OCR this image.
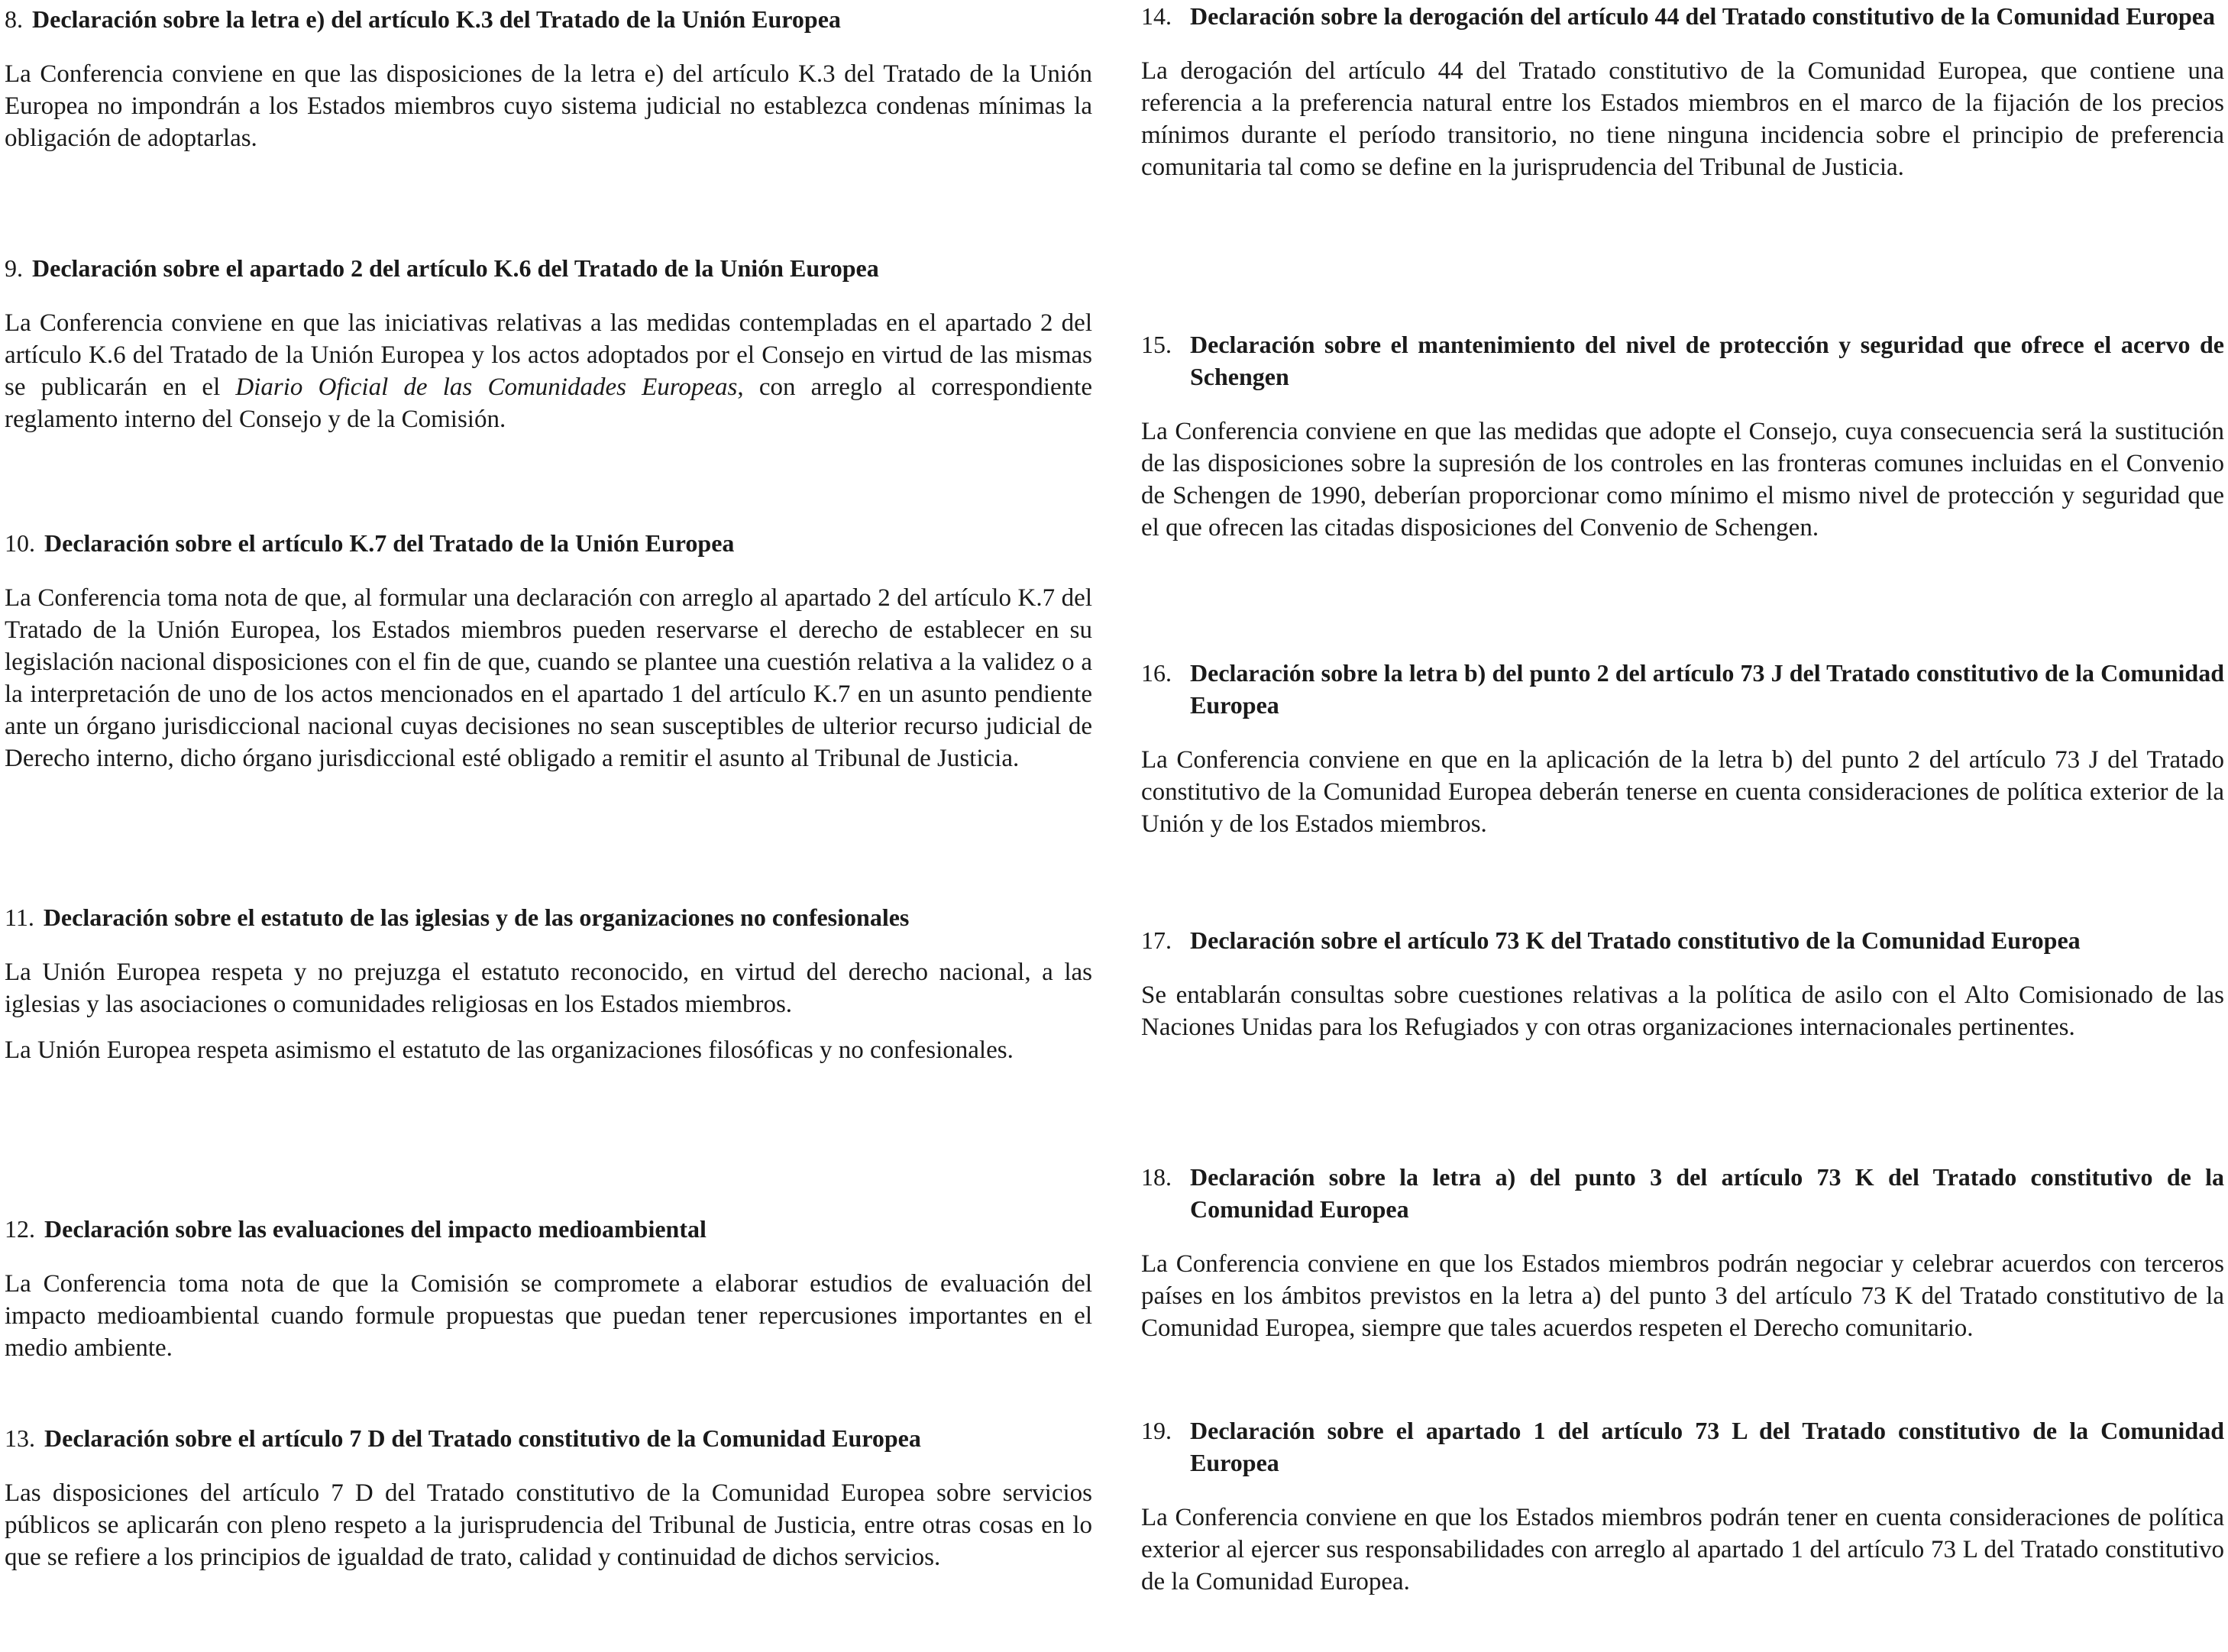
8. Declaración sobre la letra e) del artículo K.3 del Tratado de la Unión Europea

La Conferencia conviene en que las disposiciones de la letra e) del artículo K.3 del Tratado de la Unión Europea no impondrán a los Estados miembros cuyo sistema judicial no establezca condenas mínimas la obligación de adoptarlas.

9. Declaración sobre el apartado 2 del artículo K.6 del Tratado de la Unión Europea

La Conferencia conviene en que las iniciativas relativas a las medidas contempladas en el apartado 2 del artículo K.6 del Tratado de la Unión Europea y los actos adoptados por el Consejo en virtud de las mismas se publicarán en el Diario Oficial de las Comunidades Europeas, con arreglo al correspondiente reglamento interno del Consejo y de la Comisión.

10. Declaración sobre el artículo K.7 del Tratado de la Unión Europea

La Conferencia toma nota de que, al formular una declaración con arreglo al apartado 2 del artículo K.7 del Tratado de la Unión Europea, los Estados miembros pueden reservarse el derecho de establecer en su legislación nacional disposiciones con el fin de que, cuando se plantee una cuestión relativa a la validez o a la interpretación de uno de los actos mencionados en el apartado 1 del artículo K.7 en un asunto pendiente ante un órgano jurisdiccional nacional cuyas decisiones no sean susceptibles de ulterior recurso judicial de Derecho interno, dicho órgano jurisdiccional esté obligado a remitir el asunto al Tribunal de Justicia.

11. Declaración sobre el estatuto de las iglesias y de las organizaciones no confesionales

La Unión Europea respeta y no prejuzga el estatuto reconocido, en virtud del derecho nacional, a las iglesias y las asociaciones o comunidades religiosas en los Estados miembros.

La Unión Europea respeta asimismo el estatuto de las organizaciones filosóficas y no confesionales.

12. Declaración sobre las evaluaciones del impacto medioambiental

La Conferencia toma nota de que la Comisión se compromete a elaborar estudios de evaluación del impacto medioambiental cuando formule propuestas que puedan tener repercusiones importantes en el medio ambiente.

13. Declaración sobre el artículo 7 D del Tratado constitutivo de la Comunidad Europea

Las disposiciones del artículo 7 D del Tratado constitutivo de la Comunidad Europea sobre servicios públicos se aplicarán con pleno respeto a la jurisprudencia del Tribunal de Justicia, entre otras cosas en lo que se refiere a los principios de igualdad de trato, calidad y continuidad de dichos servicios.

14. Declaración sobre la derogación del artículo 44 del Tratado constitutivo de la Comunidad Europea

La derogación del artículo 44 del Tratado constitutivo de la Comunidad Europea, que contiene una referencia a la preferencia natural entre los Estados miembros en el marco de la fijación de los precios mínimos durante el período transitorio, no tiene ninguna incidencia sobre el principio de preferencia comunitaria tal como se define en la jurisprudencia del Tribunal de Justicia.

15. Declaración sobre el mantenimiento del nivel de protección y seguridad que ofrece el acervo de Schengen

La Conferencia conviene en que las medidas que adopte el Consejo, cuya consecuencia será la sustitución de las disposiciones sobre la supresión de los controles en las fronteras comunes incluidas en el Convenio de Schengen de 1990, deberían proporcionar como mínimo el mismo nivel de protección y seguridad que el que ofrecen las citadas disposiciones del Convenio de Schengen.

16. Declaración sobre la letra b) del punto 2 del artículo 73 J del Tratado constitutivo de la Comunidad Europea

La Conferencia conviene en que en la aplicación de la letra b) del punto 2 del artículo 73 J del Tratado constitutivo de la Comunidad Europea deberán tenerse en cuenta consideraciones de política exterior de la Unión y de los Estados miembros.

17. Declaración sobre el artículo 73 K del Tratado constitutivo de la Comunidad Europea

Se entablarán consultas sobre cuestiones relativas a la política de asilo con el Alto Comisionado de las Naciones Unidas para los Refugiados y con otras organizaciones internacionales pertinentes.

18. Declaración sobre la letra a) del punto 3 del artículo 73 K del Tratado constitutivo de la Comunidad Europea

La Conferencia conviene en que los Estados miembros podrán negociar y celebrar acuerdos con terceros países en los ámbitos previstos en la letra a) del punto 3 del artículo 73 K del Tratado constitutivo de la Comunidad Europea, siempre que tales acuerdos respeten el Derecho comunitario.

19. Declaración sobre el apartado 1 del artículo 73 L del Tratado constitutivo de la Comunidad Europea

La Conferencia conviene en que los Estados miembros podrán tener en cuenta consideraciones de política exterior al ejercer sus responsabilidades con arreglo al apartado 1 del artículo 73 L del Tratado constitutivo de la Comunidad Europea.
